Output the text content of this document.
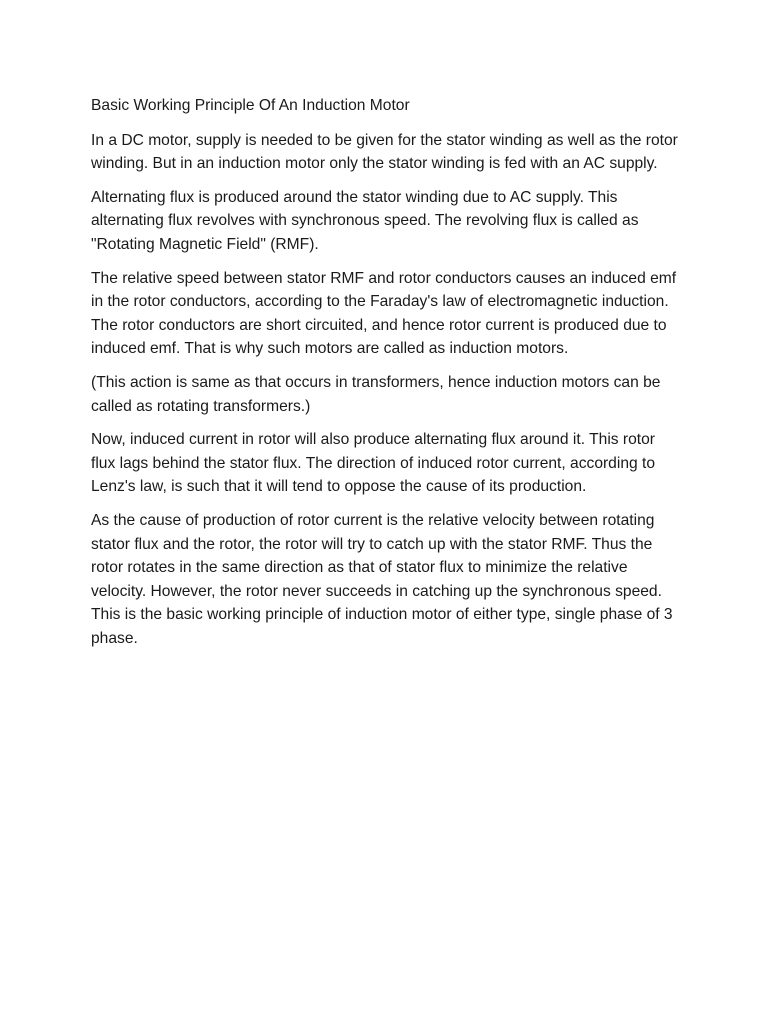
Basic Working Principle Of An Induction Motor

In a DC motor, supply is needed to be given for the stator winding as well as the rotor winding. But in an induction motor only the stator winding is fed with an AC supply.

Alternating flux is produced around the stator winding due to AC supply. This alternating flux revolves with synchronous speed. The revolving flux is called as "Rotating Magnetic Field" (RMF).

The relative speed between stator RMF and rotor conductors causes an induced emf in the rotor conductors, according to the Faraday's law of electromagnetic induction. The rotor conductors are short circuited, and hence rotor current is produced due to induced emf. That is why such motors are called as induction motors.

(This action is same as that occurs in transformers, hence induction motors can be called as rotating transformers.)

Now, induced current in rotor will also produce alternating flux around it. This rotor flux lags behind the stator flux. The direction of induced rotor current, according to Lenz's law, is such that it will tend to oppose the cause of its production.

As the cause of production of rotor current is the relative velocity between rotating stator flux and the rotor, the rotor will try to catch up with the stator RMF. Thus the rotor rotates in the same direction as that of stator flux to minimize the relative velocity. However, the rotor never succeeds in catching up the synchronous speed. This is the basic working principle of induction motor of either type, single phase of 3 phase.
